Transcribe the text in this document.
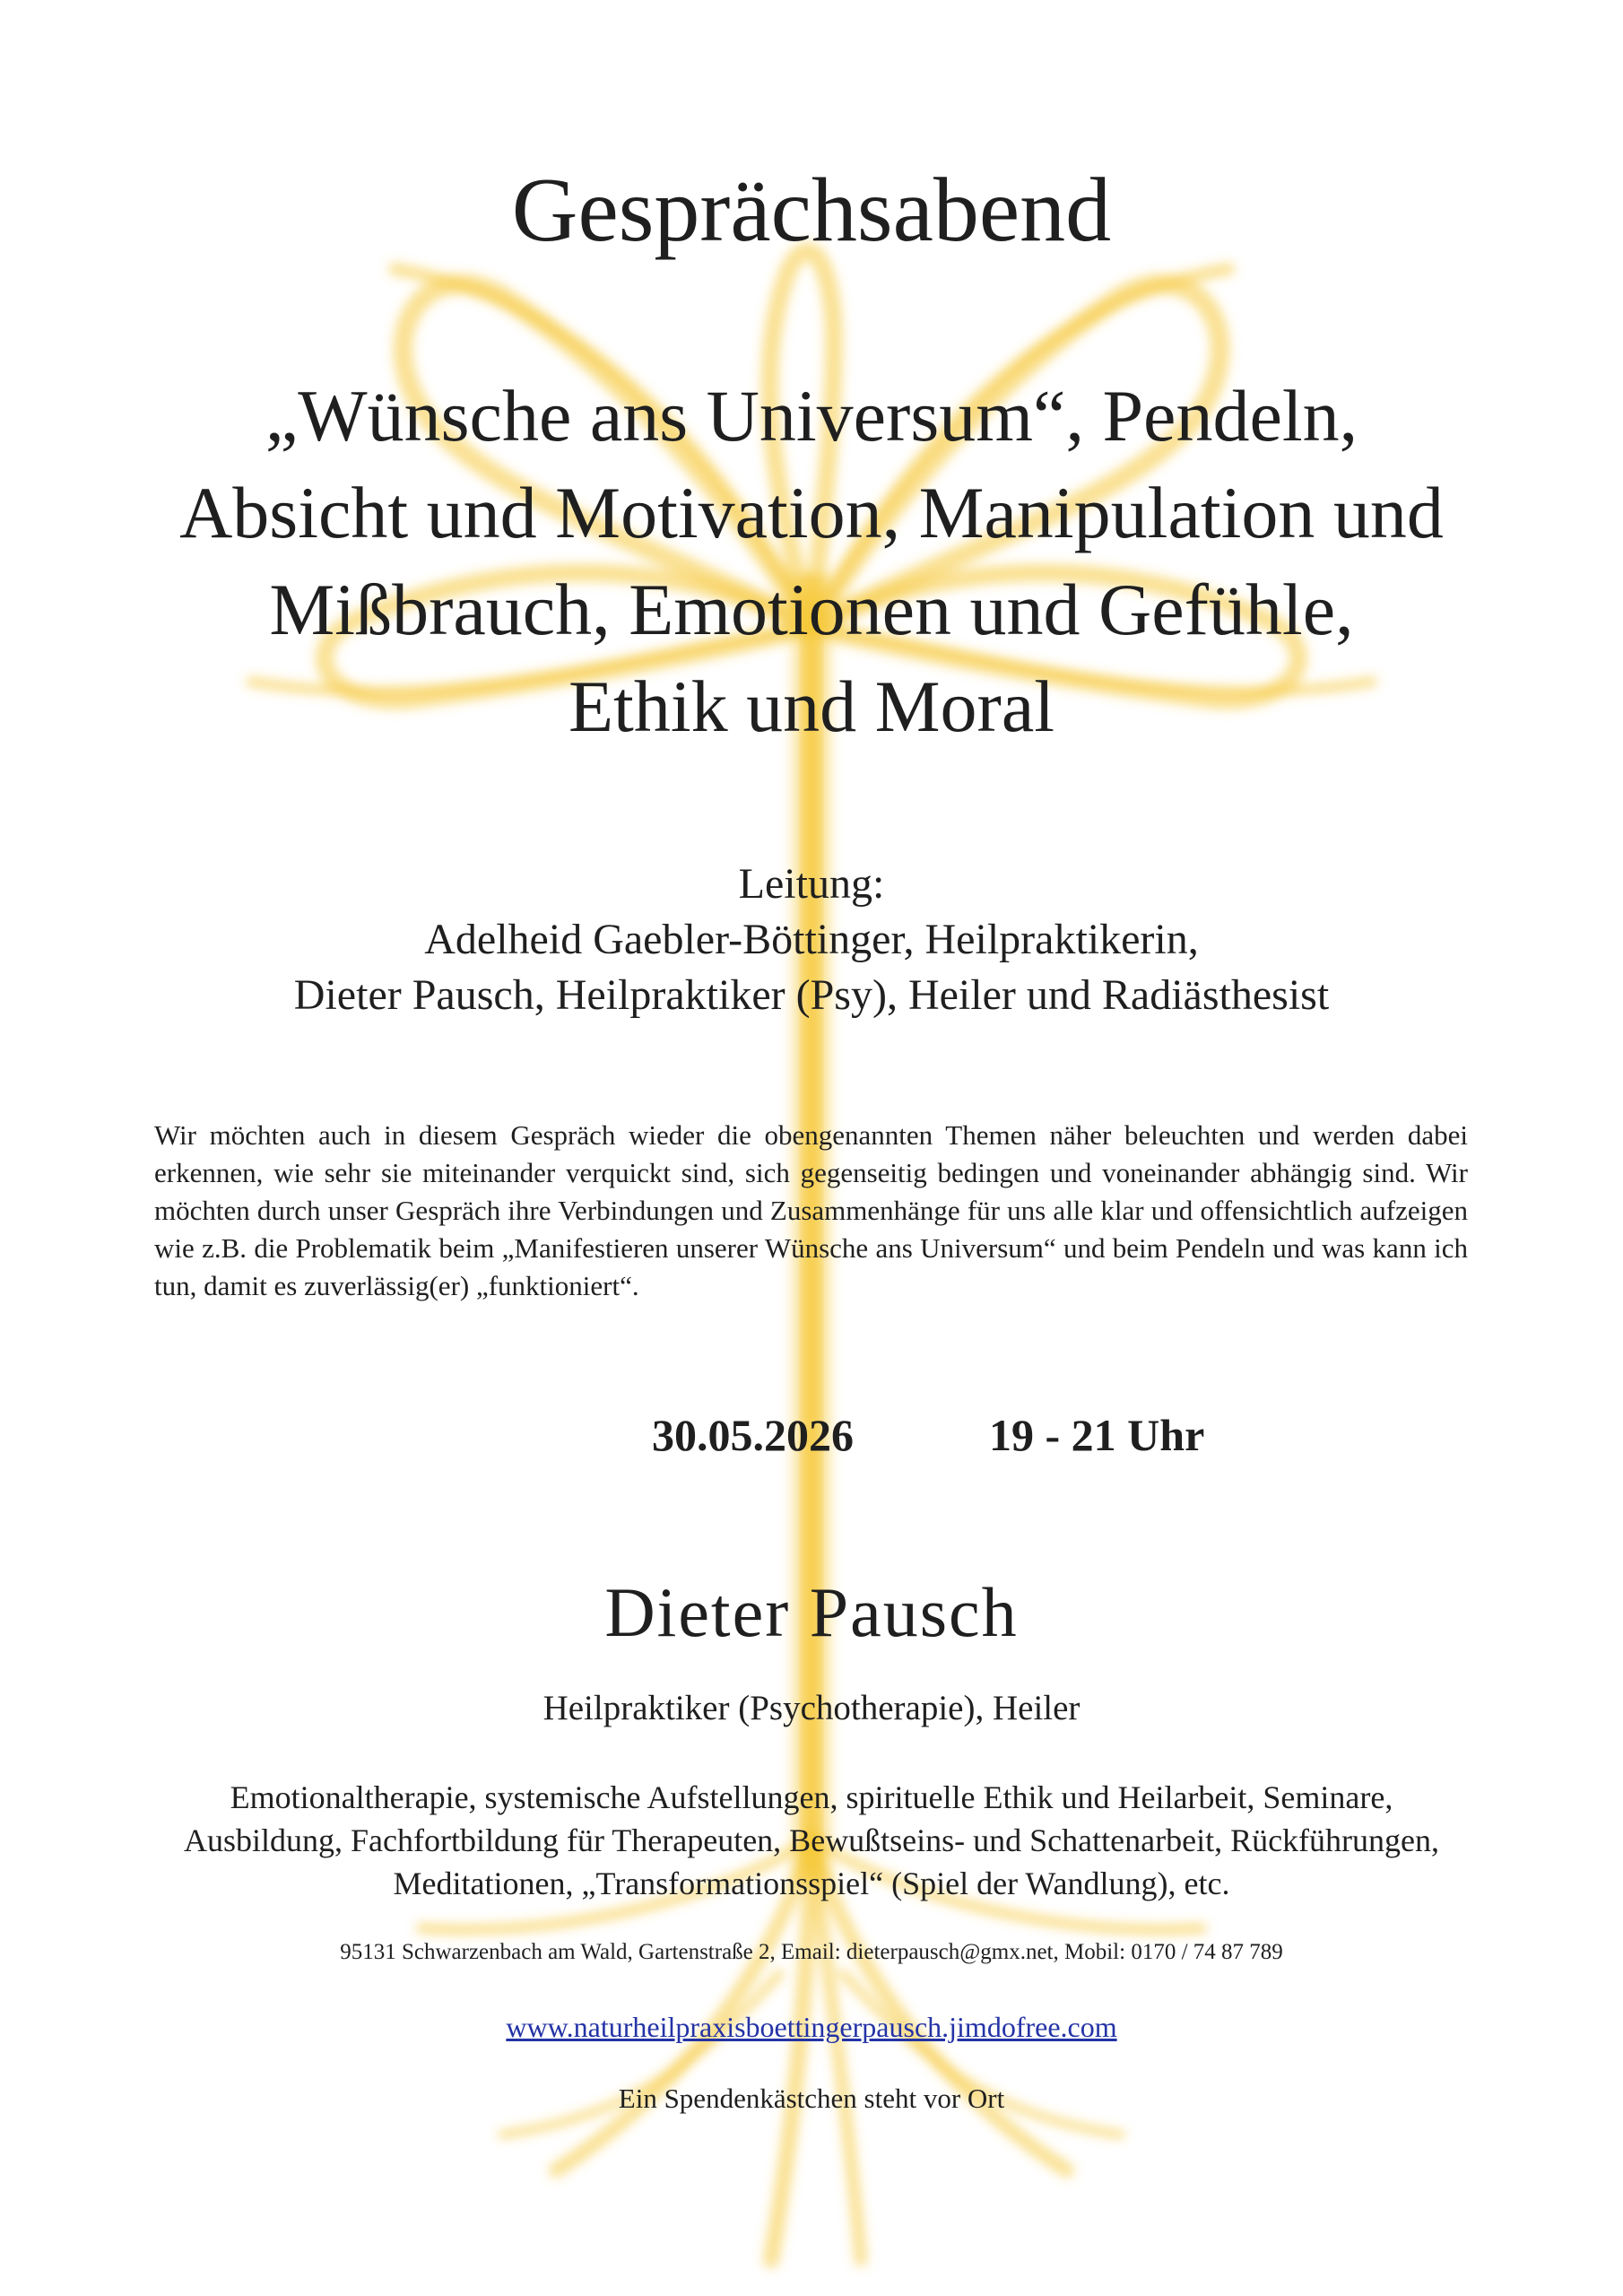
Gesprächsabend
„Wünsche ans Universum“, Pendeln,
Absicht und Motivation, Manipulation und
Mißbrauch, Emotionen und Gefühle,
Ethik und Moral
Leitung:
Adelheid Gaebler-Böttinger, Heilpraktikerin,
Dieter Pausch, Heilpraktiker (Psy), Heiler und Radiästhesist

Wir möchten auch in diesem Gespräch wieder die obengenannten Themen näher beleuchten und werden dabei erkennen, wie sehr sie miteinander verquickt sind, sich gegenseitig bedingen und voneinander abhängig sind. Wir möchten durch unser Gespräch ihre Verbindungen und Zusammenhänge für uns alle klar und offensichtlich aufzeigen wie z.B. die Problematik beim „Manifestieren unserer Wünsche ans Universum“ und beim Pendeln und was kann ich tun, damit es zuverlässig(er) „funktioniert“.

30.05.2026	19 - 21 Uhr
Dieter Pausch
Heilpraktiker (Psychotherapie), Heiler
Emotionaltherapie, systemische Aufstellungen, spirituelle Ethik und Heilarbeit, Seminare,
Ausbildung, Fachfortbildung für Therapeuten, Bewußtseins- und Schattenarbeit, Rückführungen,
Meditationen, „Transformationsspiel“ (Spiel der Wandlung), etc.
95131 Schwarzenbach am Wald, Gartenstraße 2, Email: dieterpausch@gmx.net, Mobil: 0170 / 74 87 789
www.naturheilpraxisboettingerpausch.jimdofree.com
Ein Spendenkästchen steht vor Ort
